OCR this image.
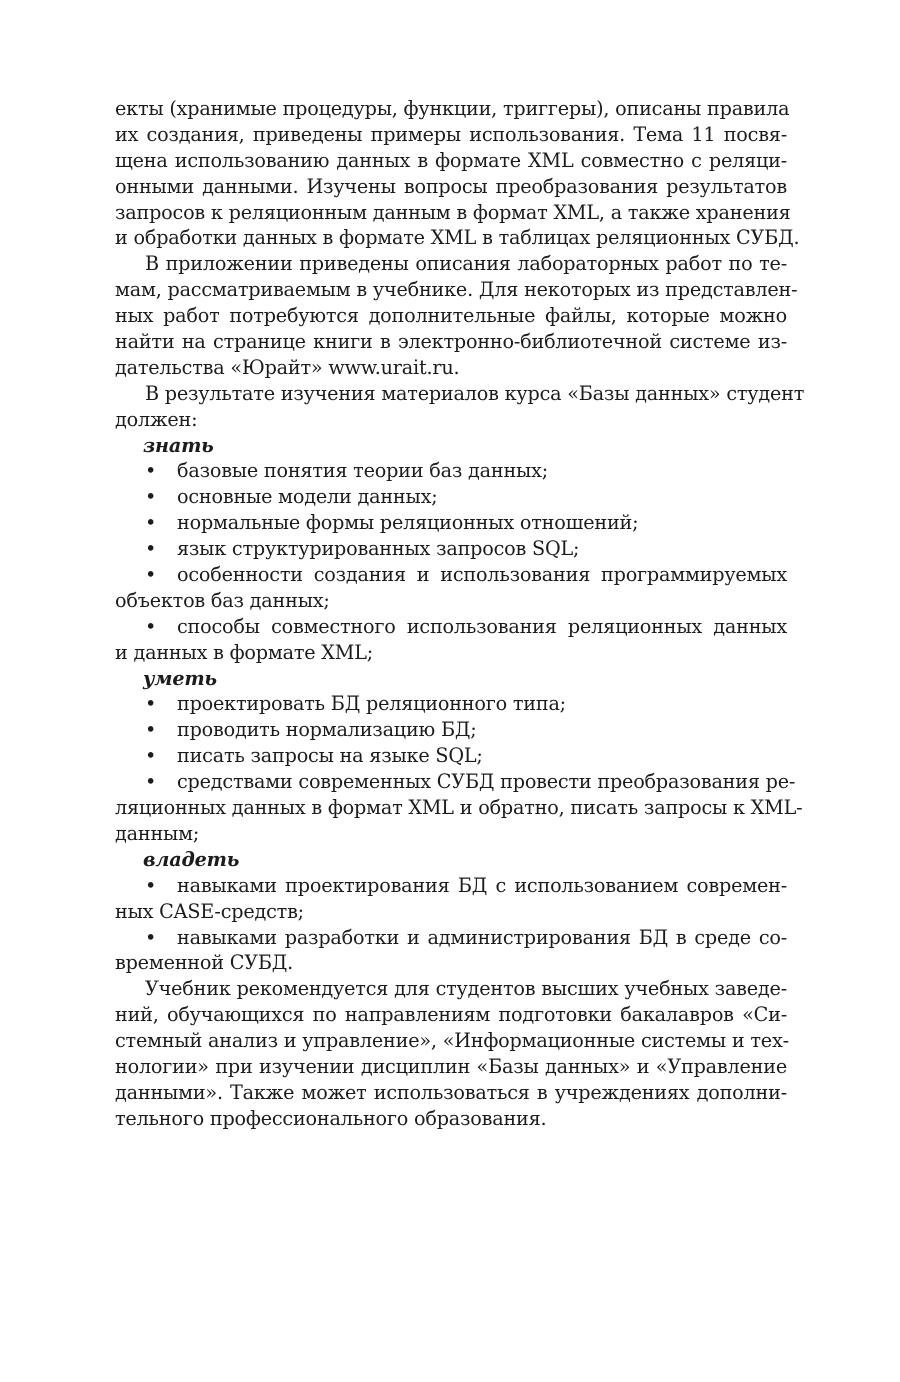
екты (хранимые процедуры, функции, триггеры), описаны правила
их создания, приведены примеры использования. Тема 11 посвя-
щена использованию данных в формате XML совместно с реляци-
онными данными. Изучены вопросы преобразования результатов
запросов к реляционным данным в формат XML, а также хранения
и обработки данных в формате XML в таблицах реляционных СУБД.
В приложении приведены описания лабораторных работ по те-
мам, рассматриваемым в учебнике. Для некоторых из представлен-
ных работ потребуются дополнительные файлы, которые можно
найти на странице книги в электронно-библиотечной системе из-
дательства «Юрайт» www.urait.ru.
В результате изучения материалов курса «Базы данных» студент
должен:
знать
• базовые понятия теории баз данных;
• основные модели данных;
• нормальные формы реляционных отношений;
• язык структурированных запросов SQL;
• особенности создания и использования программируемых
объектов баз данных;
• способы совместного использования реляционных данных
и данных в формате XML;
уметь
• проектировать БД реляционного типа;
• проводить нормализацию БД;
• писать запросы на языке SQL;
• средствами современных СУБД провести преобразования ре-
ляционных данных в формат XML и обратно, писать запросы к XML-
данным;
владеть
• навыками проектирования БД с использованием современ-
ных CASE-средств;
• навыками разработки и администрирования БД в среде со-
временной СУБД.
Учебник рекомендуется для студентов высших учебных заведе-
ний, обучающихся по направлениям подготовки бакалавров «Си-
стемный анализ и управление», «Информационные системы и тех-
нологии» при изучении дисциплин «Базы данных» и «Управление
данными». Также может использоваться в учреждениях дополни-
тельного профессионального образования.
